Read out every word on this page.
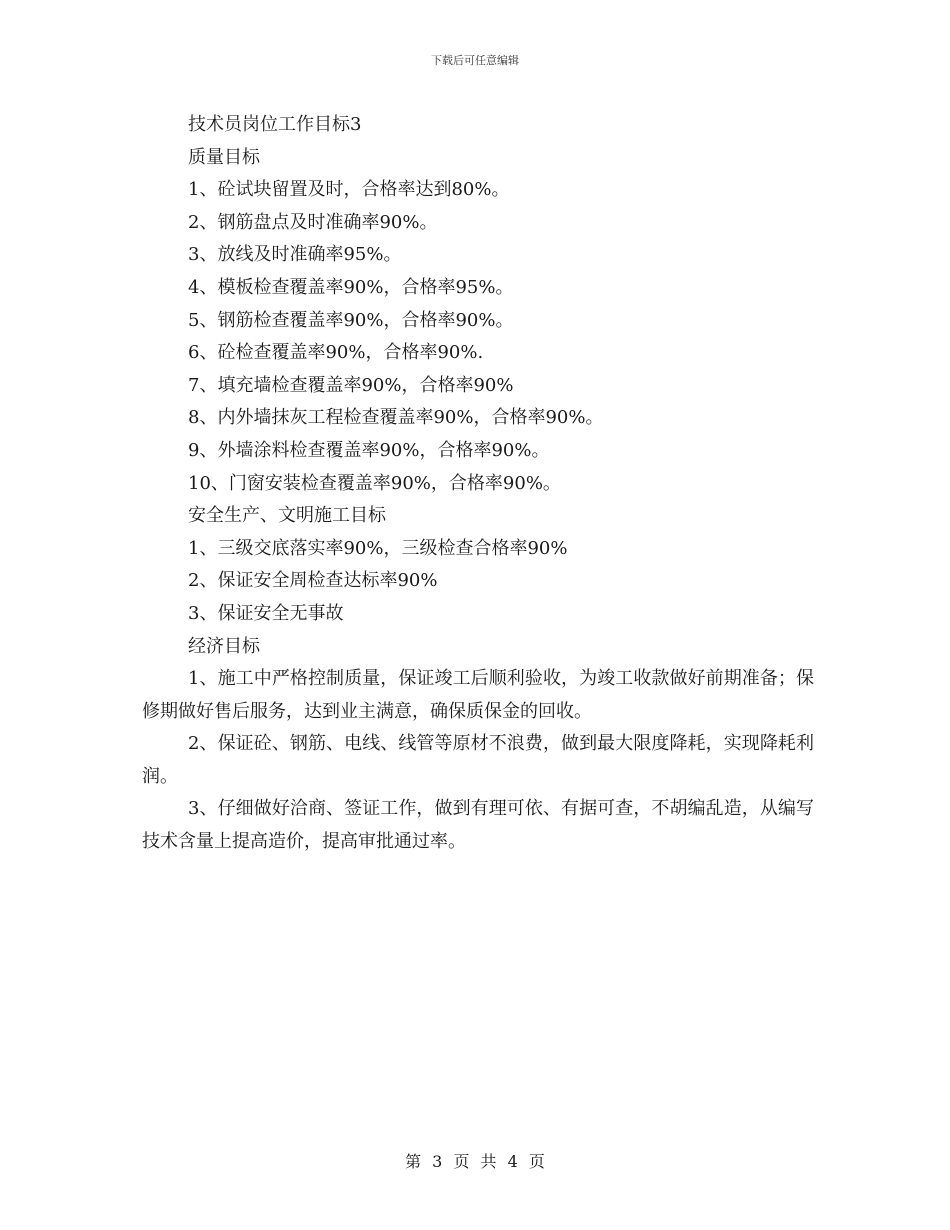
下载后可任意编辑
技术员岗位工作目标3
质量目标
1、砼试块留置及时，合格率达到80%。
2、钢筋盘点及时准确率90%。
3、放线及时准确率95%。
4、模板检查覆盖率90%，合格率95%。
5、钢筋检查覆盖率90%，合格率90%。
6、砼检查覆盖率90%，合格率90%.
7、填充墙检查覆盖率90%，合格率90%
8、内外墙抹灰工程检查覆盖率90%，合格率90%。
9、外墙涂料检查覆盖率90%，合格率90%。
10、门窗安装检查覆盖率90%，合格率90%。
安全生产、文明施工目标
1、三级交底落实率90%，三级检查合格率90%
2、保证安全周检查达标率90%
3、保证安全无事故
经济目标
1、施工中严格控制质量，保证竣工后顺利验收，为竣工收款做好前期准备；保修期做好售后服务，达到业主满意，确保质保金的回收。
2、保证砼、钢筋、电线、线管等原材不浪费，做到最大限度降耗，实现降耗利润。
3、仔细做好洽商、签证工作，做到有理可依、有据可查，不胡编乱造，从编写技术含量上提高造价，提高审批通过率。
第 3 页 共 4 页
